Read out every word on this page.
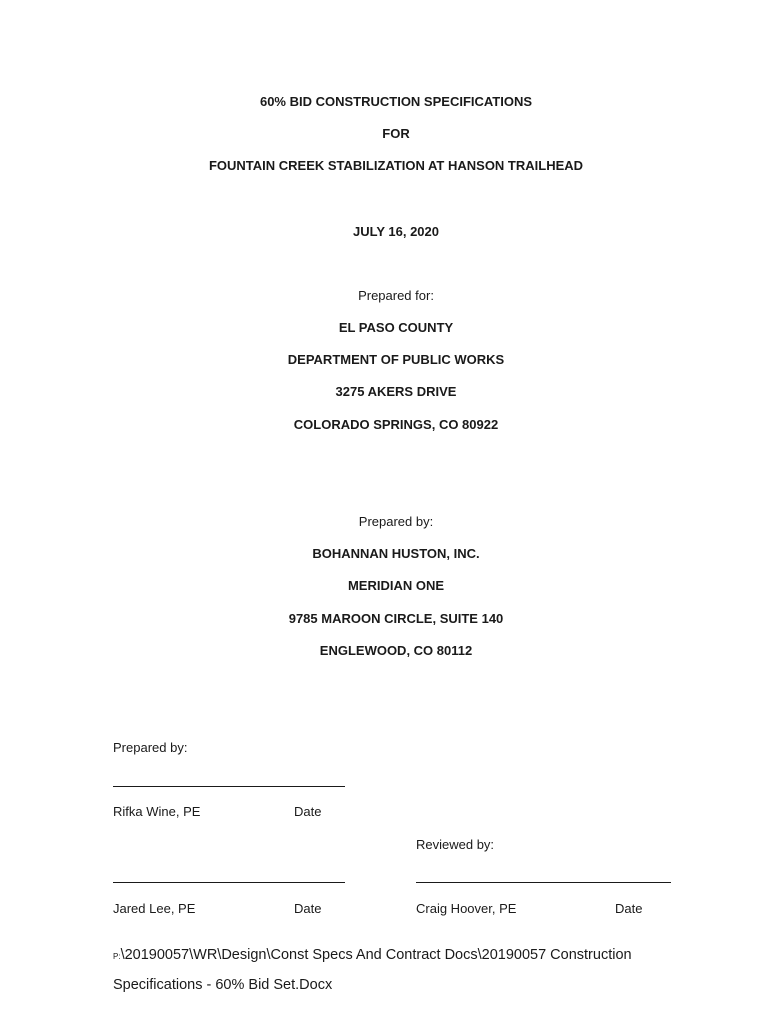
60% BID CONSTRUCTION SPECIFICATIONS
FOR
FOUNTAIN CREEK STABILIZATION AT HANSON TRAILHEAD
JULY 16, 2020
Prepared for:
EL PASO COUNTY
DEPARTMENT OF PUBLIC WORKS
3275 AKERS DRIVE
COLORADO SPRINGS, CO 80922
Prepared by:
BOHANNAN HUSTON, INC.
MERIDIAN ONE
9785 MAROON CIRCLE, SUITE 140
ENGLEWOOD, CO 80112
Prepared by:
Rifka Wine, PE	Date
Reviewed by:
Jared Lee, PE	Date	Craig Hoover, PE	Date
P:\20190057\WR\Design\Const Specs And Contract Docs\20190057 Construction Specifications - 60% Bid Set.Docx
